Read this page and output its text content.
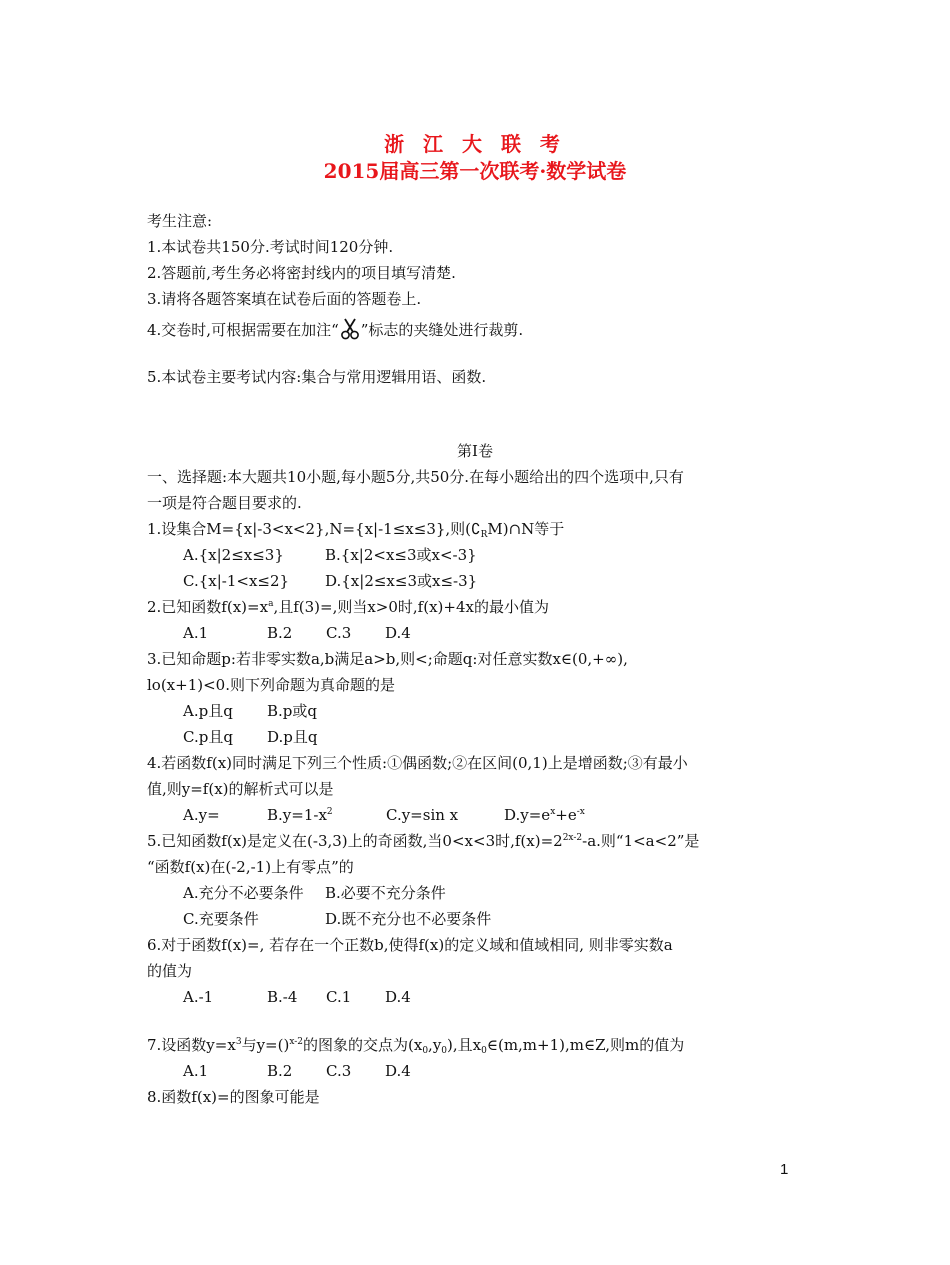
浙 江 大 联 考
2015届高三第一次联考·数学试卷
考生注意:
1.本试卷共150分.考试时间120分钟.
2.答题前,考生务必将密封线内的项目填写清楚.
3.请将各题答案填在试卷后面的答题卷上.
4.交卷时,可根据需要在加注“ ”标志的夹缝处进行裁剪.
5.本试卷主要考试内容:集合与常用逻辑用语、函数.
第Ⅰ卷
一、选择题:本大题共10小题,每小题5分,共50分.在每小题给出的四个选项中,只有
一项是符合题目要求的.
1.设集合M={x|-3<x<2},N={x|-1≤x≤3},则$(∁_RM)\cap N$等于
A.{x|2≤x≤3}	B.{x|2<x≤3或x<-3}
C.{x|-1<x≤2} D.{x|2≤x≤3或x≤-3}
2.已知函数$f(x)=x^a$,且f(3)=,则当x>0时,f(x)+4x的最小值为
A.1	B.2 C.3 D.4
3.已知命题p:若非零实数a,b满足a>b,则<;命题q:对任意实数x∈(0,+∞),
lo(x+1)<0.则下列命题为真命题的是
A.p且q B.p或q
C.p且q D.p且q
4.若函数f(x)同时满足下列三个性质:①偶函数;②在区间(0,1)上是增函数;③有最小
值,则y=f(x)的解析式可以是
A.y=	$B.y=1-x^2$	C.y=sin x	$D.y=e^x+e^{-x}$
5.已知函数f(x)是定义在(-3,3)上的奇函数,当0<x<3时$,f(x)=2^{2x-2}-a$.则“1<a<2”是
“函数f(x)在(-2,-1)上有零点”的
A.充分不必要条件 B.必要不充分条件
C.充要条件	D.既不充分也不必要条件
6.对于函数f(x)=, 若存在一个正数b,使得f(x)的定义域和值域相同, 则非零实数a
的值为
A.-1	B.-4 C.1 D.4
7.设函数$y=x^3$与y=()$^{x-2}$的图象的交点为$(x_0,y_0)$,且$x_0\in(m,m+1),m\in Z$,则m的值为
A.1	B.2 C.3 D.4
8.函数f(x)=的图象可能是
1
